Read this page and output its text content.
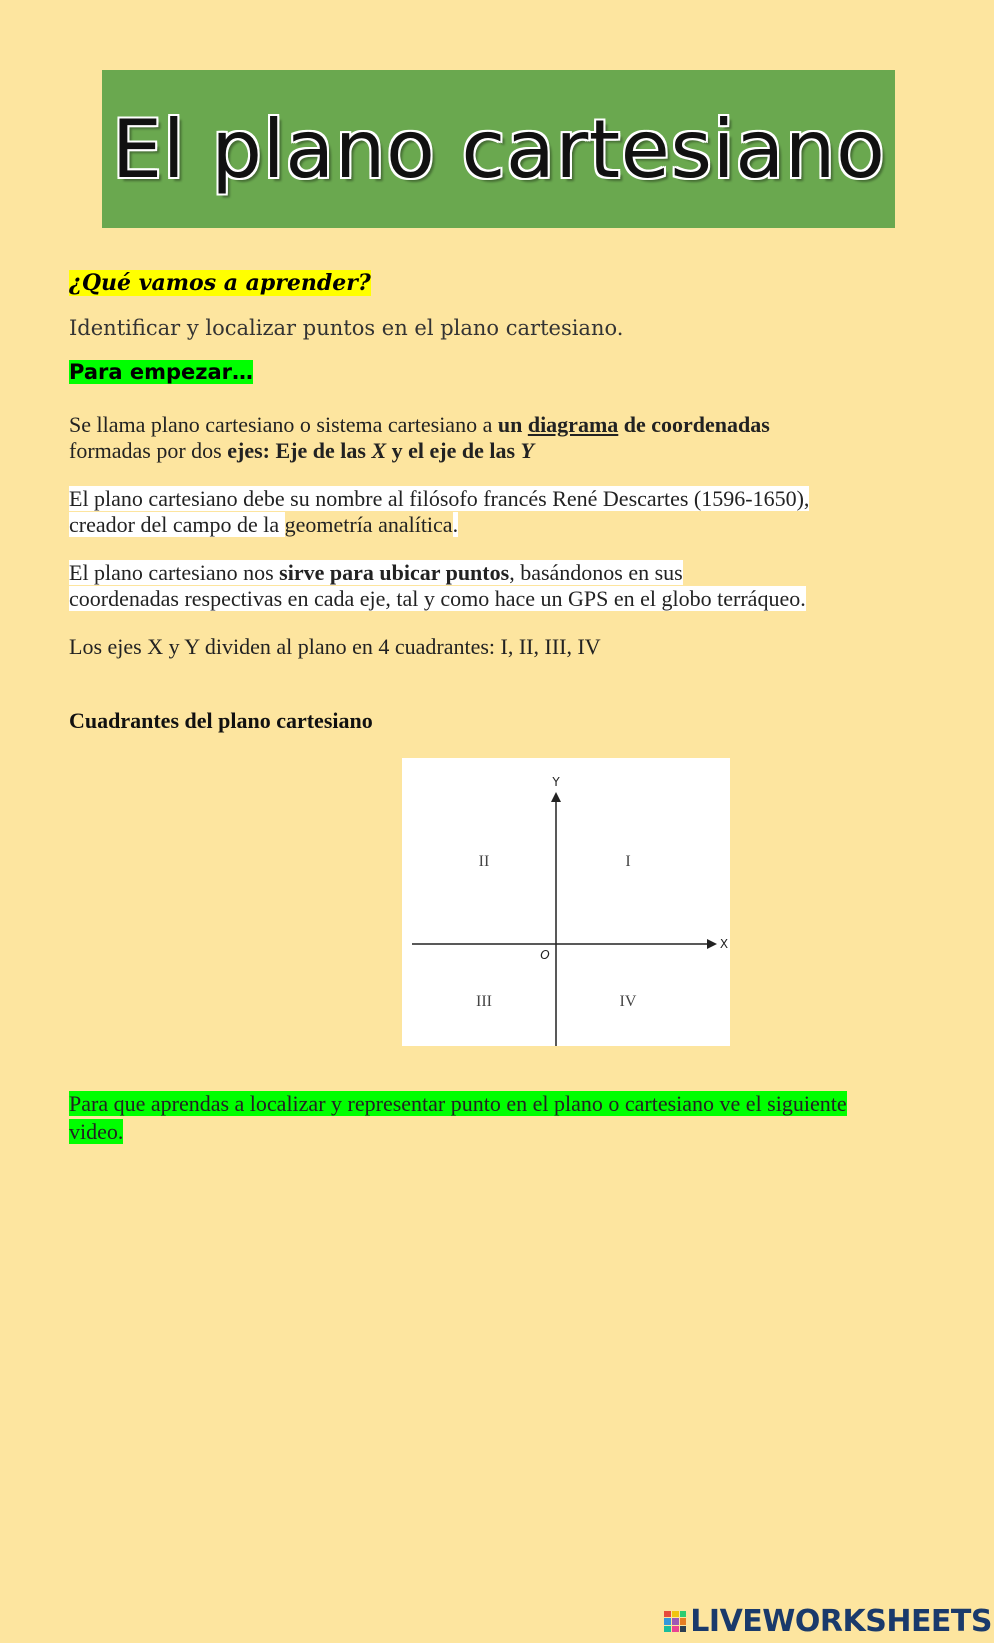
El plano cartesiano
¿Qué vamos a aprender?
Identificar y localizar puntos en el plano cartesiano.
Para empezar…
Se llama plano cartesiano o sistema cartesiano a un diagrama de coordenadas
formadas por dos ejes: Eje de las X y el eje de las Y
El plano cartesiano debe su nombre al filósofo francés René Descartes (1596-1650),
creador del campo de la geometría analítica.
El plano cartesiano nos sirve para ubicar puntos, basándonos en sus
coordenadas respectivas en cada eje, tal y como hace un GPS en el globo terráqueo.
Los ejes X y Y dividen al plano en 4 cuadrantes: I, II, III, IV
Cuadrantes del plano cartesiano
Y
X
O
I
II
III	IV
Para que aprendas a localizar y representar punto en el plano o cartesiano ve el siguiente video.
LIVEWORKSHEETS
